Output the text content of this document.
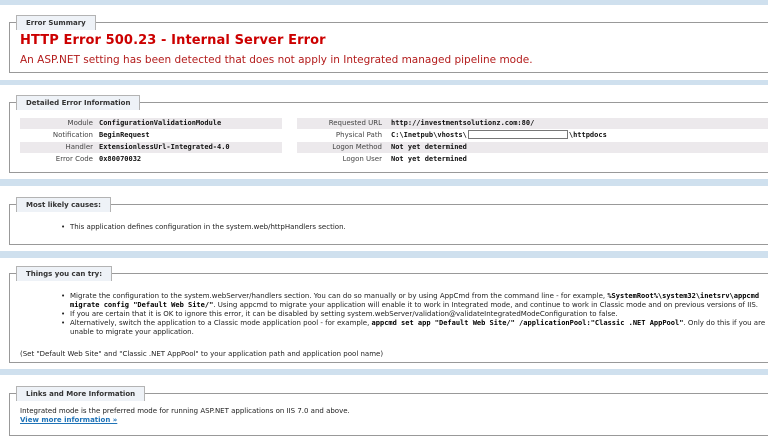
Error Summary
HTTP Error 500.23 - Internal Server Error
An ASP.NET setting has been detected that does not apply in Integrated managed pipeline mode.
Detailed Error Information
Module ConfigurationValidationModule
Notification BeginRequest
Handler ExtensionlessUrl-Integrated-4.0
Error Code 0x80070032
Requested URL http://investmentsolutionz.com:80/
Physical Path C:\Inetpub\vhosts\	\httpdocs
Logon Method Not yet determined
Logon User Not yet determined
Most likely causes:
• This application defines configuration in the system.web/httpHandlers section.
Things you can try:
• Migrate the configuration to the system.webServer/handlers section. You can do so manually or by using AppCmd from the command line - for example, %SystemRoot%\system32\inetsrv\appcmd migrate config "Default Web Site/". Using appcmd to migrate your application will enable it to work in Integrated mode, and continue to work in Classic mode and on previous versions of IIS.
• If you are certain that it is OK to ignore this error, it can be disabled by setting system.webServer/validation@validateIntegratedModeConfiguration to false.
• Alternatively, switch the application to a Classic mode application pool - for example, appcmd set app "Default Web Site/" /applicationPool:"Classic .NET AppPool". Only do this if you are unable to migrate your application.
(Set "Default Web Site" and "Classic .NET AppPool" to your application path and application pool name)
Links and More Information
Integrated mode is the preferred mode for running ASP.NET applications on IIS 7.0 and above.
View more information »
